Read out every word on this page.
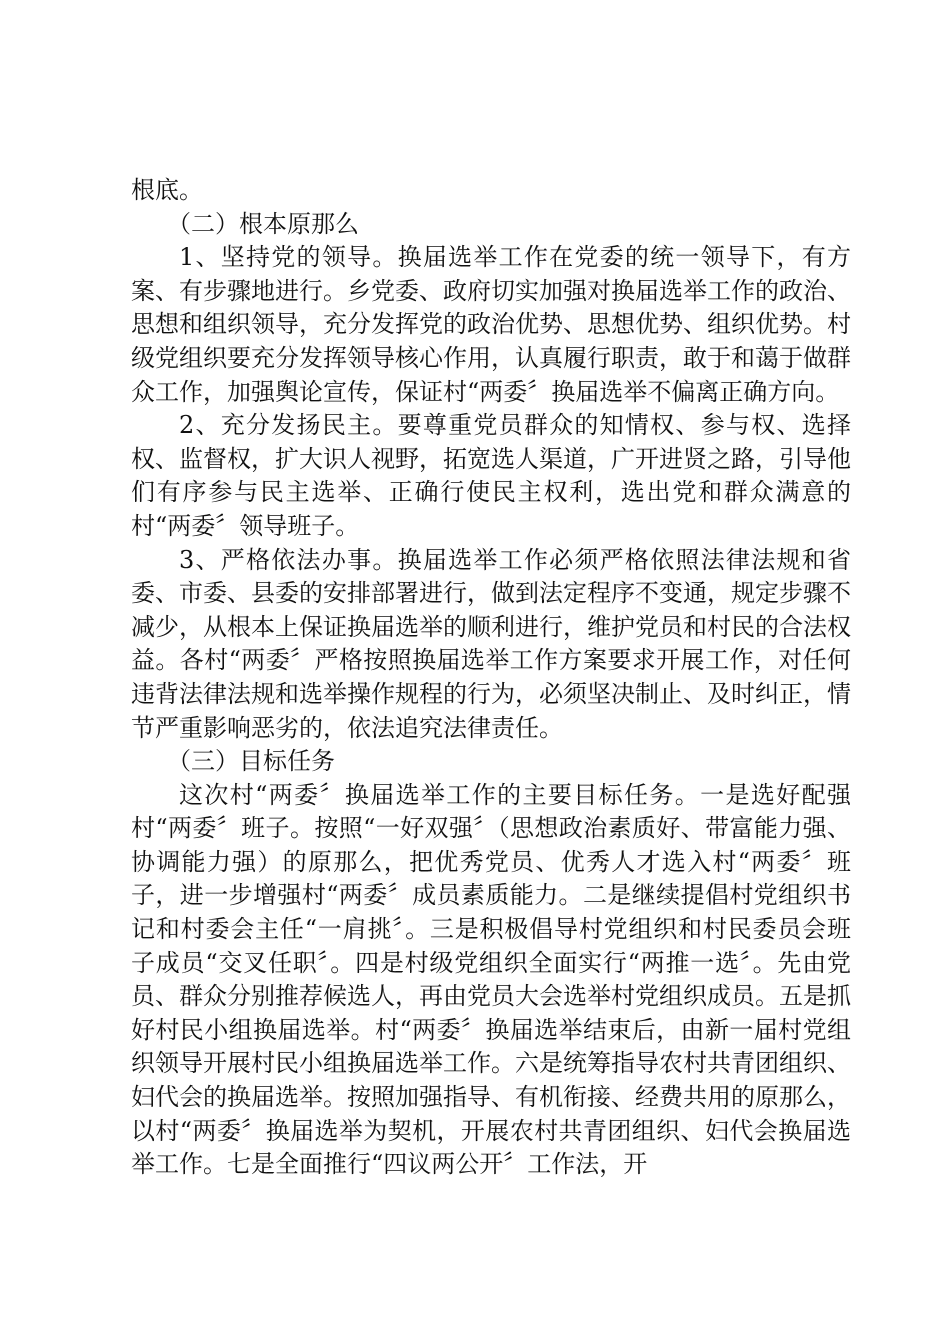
根底。

（二）根本原那么

1、坚持党的领导。换届选举工作在党委的统一领导下，有方案、有步骤地进行。乡党委、政府切实加强对换届选举工作的政治、思想和组织领导，充分发挥党的政治优势、思想优势、组织优势。村级党组织要充分发挥领导核心作用，认真履行职责，敢于和蔼于做群众工作，加强舆论宣传，保证村“两委〞换届选举不偏离正确方向。

2、充分发扬民主。要尊重党员群众的知情权、参与权、选择权、监督权，扩大识人视野，拓宽选人渠道，广开进贤之路，引导他们有序参与民主选举、正确行使民主权利，选出党和群众满意的村“两委〞领导班子。

3、严格依法办事。换届选举工作必须严格依照法律法规和省委、市委、县委的安排部署进行，做到法定程序不变通，规定步骤不减少，从根本上保证换届选举的顺利进行，维护党员和村民的合法权益。各村“两委〞严格按照换届选举工作方案要求开展工作，对任何违背法律法规和选举操作规程的行为，必须坚决制止、及时纠正，情节严重影响恶劣的，依法追究法律责任。

（三）目标任务

这次村“两委〞换届选举工作的主要目标任务。一是选好配强村“两委〞班子。按照“一好双强〞（思想政治素质好、带富能力强、协调能力强）的原那么，把优秀党员、优秀人才选入村“两委〞班子，进一步增强村“两委〞成员素质能力。二是继续提倡村党组织书记和村委会主任“一肩挑〞。三是积极倡导村党组织和村民委员会班子成员“交叉任职〞。四是村级党组织全面实行“两推一选〞。先由党员、群众分别推荐候选人，再由党员大会选举村党组织成员。五是抓好村民小组换届选举。村“两委〞换届选举结束后，由新一届村党组织领导开展村民小组换届选举工作。六是统筹指导农村共青团组织、妇代会的换届选举。按照加强指导、有机衔接、经费共用的原那么，以村“两委〞换届选举为契机，开展农村共青团组织、妇代会换届选举工作。七是全面推行“四议两公开〞工作法，开
